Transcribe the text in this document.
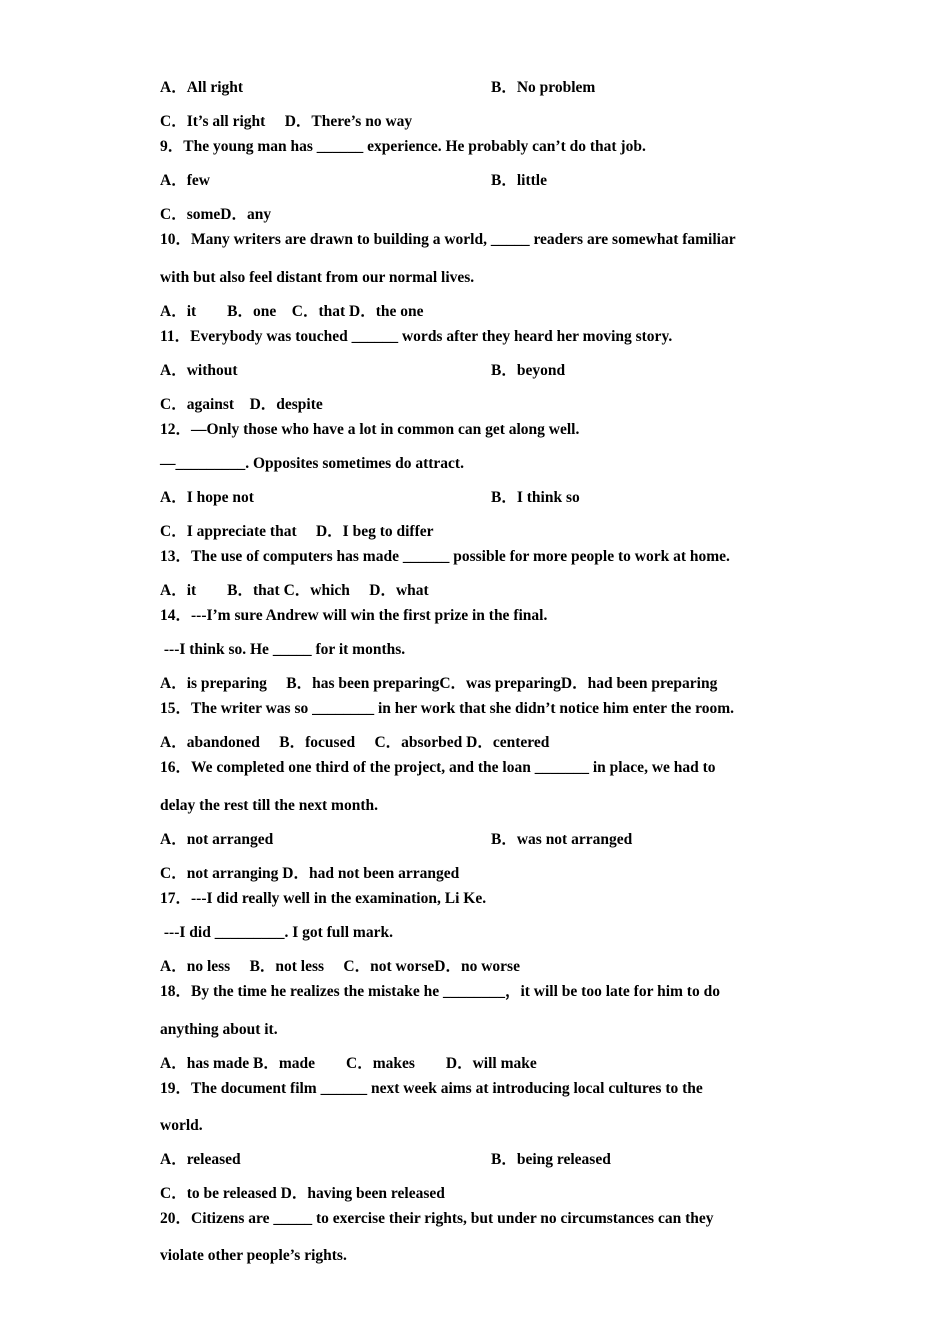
A．All right	B．No problem
C．It’s all right　 D．There’s no way
9．The young man has ______ experience. He probably can’t do that job.
A．few	B．little
C．someD．any
10．Many writers are drawn to building a world, _____ readers are somewhat familiar
with but also feel distant from our normal lives.
A．it　　B．one　C．that D．the one
11．Everybody was touched ______ words after they heard her moving story.
A．without	B．beyond
C．against　D．despite
12．—Only those who have a lot in common can get along well.
—_________. Opposites sometimes do attract.
A．I hope not	B．I think so
C．I appreciate that　 D．I beg to differ
13．The use of computers has made ______ possible for more people to work at home.
A．it　　B．that C．which　 D．what
14．---I’m sure Andrew will win the first prize in the final.
---I think so. He _____ for it months.
A．is preparing　 B．has been preparingC．was preparingD．had been preparing
15．The writer was so ________ in her work that she didn’t notice him enter the room.
A．abandoned　 B．focused　 C．absorbed D．centered
16．We completed one third of the project, and the loan _______ in place, we had to
delay the rest till the next month.
A．not arranged	B．was not arranged
C．not arranging D．had not been arranged
17．---I did really well in the examination, Li Ke.
---I did _________. I got full mark.
A．no less　 B．not less　 C．not worseD．no worse
18．By the time he realizes the mistake he ________，it will be too late for him to do
anything about it.
A．has made B．made　　C．makes　　D．will make
19．The document film ______ next week aims at introducing local cultures to the
world.
A．released	B．being released
C．to be released D．having been released
20．Citizens are _____ to exercise their rights, but under no circumstances can they
violate other people’s rights.
